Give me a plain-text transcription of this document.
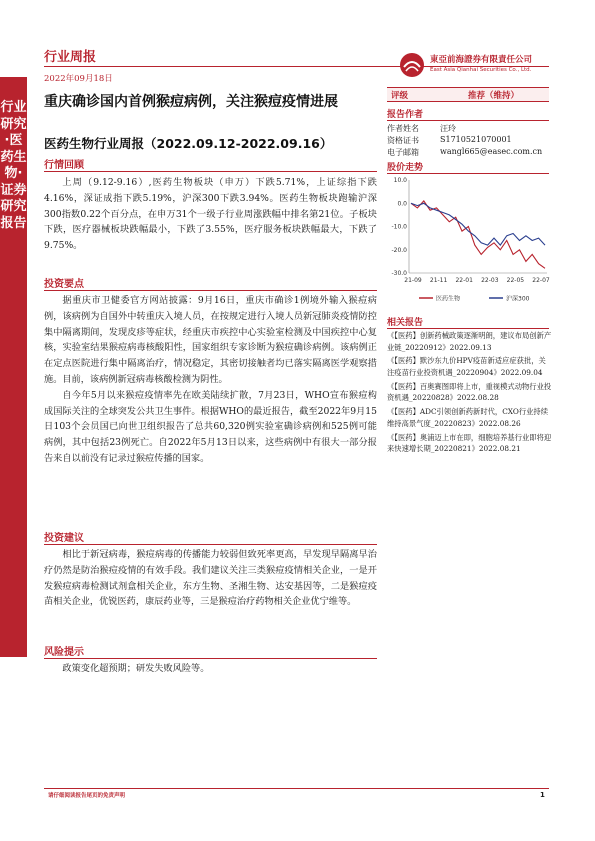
行业研究·医药生物·证券研究报告
行业周报
2022年09月18日
東亞前海證券有限責任公司
East Asia Qianhai Securities Co., Ltd.
重庆确诊国内首例猴痘病例，关注猴痘疫情进展
医药生物行业周报（2022.09.12-2022.09.16）
行情回顾

上周（9.12-9.16）,医药生物板块（申万）下跌5.71%，上证综指下跌4.16%，深证成指下跌5.19%，沪深300下跌3.94%。医药生物板块跑输沪深300指数0.22个百分点，在申万31个一级子行业周涨跌幅中排名第21位。子板块下跌，医疗器械板块跌幅最小，下跌了3.55%，医疗服务板块跌幅最大，下跌了9.75%。

投资要点

据重庆市卫健委官方网站披露：9月16日，重庆市确诊1例境外输入猴痘病例，该病例为自国外中转重庆入境人员，在按规定进行入境人员新冠肺炎疫情防控集中隔离期间，发现皮疹等症状，经重庆市疾控中心实验室检测及中国疾控中心复核，实验室结果猴痘病毒核酸阳性，国家组织专家诊断为猴痘确诊病例。该病例正在定点医院进行集中隔离治疗，情况稳定，其密切接触者均已落实隔离医学观察措施。目前，该病例新冠病毒核酸检测为阴性。

自今年5月以来猴痘疫情率先在欧美陆续扩散，7月23日，WHO宣布猴痘构成国际关注的全球突发公共卫生事件。根据WHO的最近报告，截至2022年9月15日103个会员国已向世卫组织报告了总共60,320例实验室确诊病例和525例可能病例，其中包括23例死亡。自2022年5月13日以来，这些病例中有很大一部分报告来自以前没有记录过猴痘传播的国家。

投资建议

相比于新冠病毒，猴痘病毒的传播能力较弱但致死率更高，早发现早隔离早治疗仍然是防治猴痘疫情的有效手段。我们建议关注三类猴痘疫情相关企业，一是开发猴痘病毒检测试剂盒相关企业，东方生物、圣湘生物、达安基因等，二是猴痘疫苗相关企业，优锐医药，康辰药业等，三是猴痘治疗药物相关企业优宁维等。

风险提示

政策变化超预期；研发失败风险等。

评级	推荐（维持）
报告作者
作者姓名	汪玲
资格证书	S1710521070001
电子邮箱	wangl665@easec.com.cn
股价走势
10.0
0.0
-10.0
-20.0
-30.0
21-09 21-11 22-01 22-03 22-05 22-07
医药生物	沪深300
相关报告
《【医药】创新药械政策逐渐明朗，建议布局创新产业链_20220912》2022.09.13
《【医药】默沙东九价HPV疫苗新适应症获批，关注疫苗行业投资机遇_20220904》2022.09.04
《【医药】百奥赛图即将上市，重视模式动物行业投资机遇_20220828》2022.08.28
《【医药】ADC引领创新药新时代，CXO行业持续维持高景气度_20220823》2022.08.26
《【医药】奥浦迈上市在即，细胞培养基行业即将迎来快速增长期_20220821》2022.08.21
请仔细阅读报告尾页的免责声明	1
